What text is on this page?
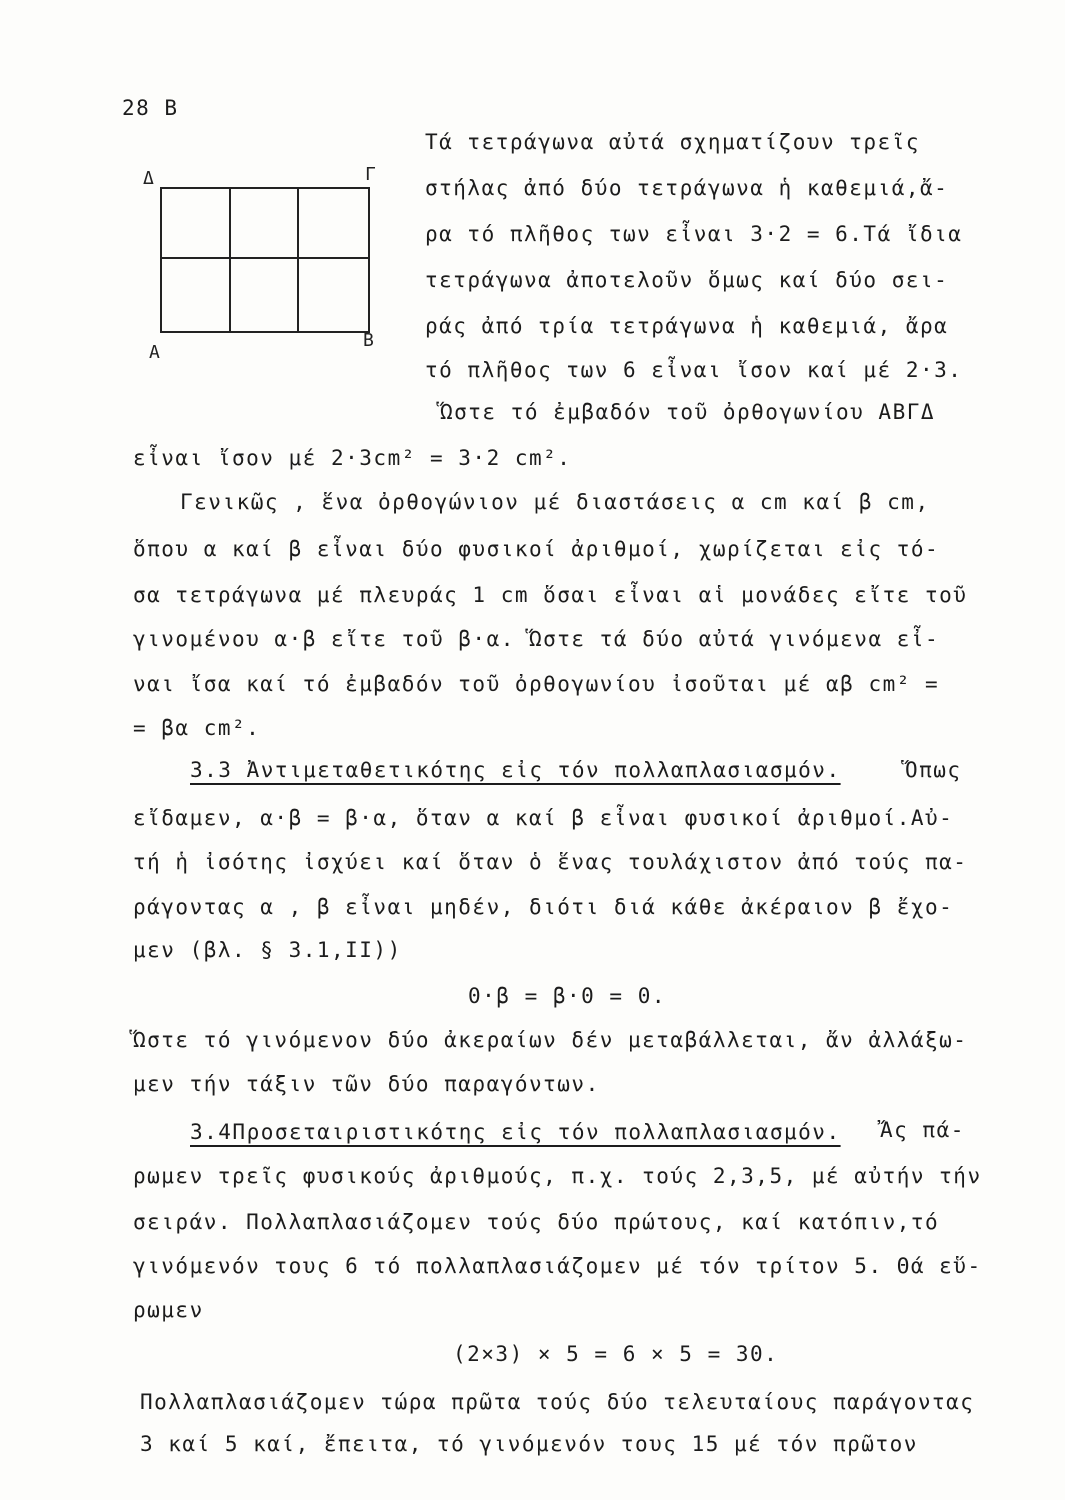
28 B
Δ	Γ
A
B
Τά τετράγωνα αὐτά σχηματίζουν τρεῖς
στήλας ἀπό δύο τετράγωνα ἡ καθεμιά,ἄ-
ρα τό πλῆθος των εἶναι 3·2 = 6.Τά ἴδια
τετράγωνα ἀποτελοῦν ὅμως καί δύο σει-
ράς ἀπό τρία τετράγωνα ἡ καθεμιά, ἄρα
τό πλῆθος των 6 εἶναι ἴσον καί μέ 2·3.
Ὥστε τό ἐμβαδόν τοῦ ὀρθογωνίου ΑΒΓΔ
εἶναι ἴσον μέ 2·3cm² = 3·2 cm².
Γενικῶς , ἕνα ὀρθογώνιον μέ διαστάσεις α cm καί β cm,
ὅπου α καί β εἶναι δύο φυσικοί ἀριθμοί, χωρίζεται εἰς τό-
σα τετράγωνα μέ πλευράς 1 cm ὅσαι εἶναι αἱ μονάδες εἴτε τοῦ
γινομένου α·β εἴτε τοῦ β·α. Ὥστε τά δύο αὐτά γινόμενα εἶ-
ναι ἴσα καί τό ἐμβαδόν τοῦ ὀρθογωνίου ἰσοῦται μέ αβ cm² =
= βα cm².
3.3 Ἀντιμεταθετικότης εἰς τόν πολλαπλασιασμόν.	Ὅπως
εἴδαμεν, α·β = β·α, ὅταν α καί β εἶναι φυσικοί ἀριθμοί.Αὐ-
τή ἡ ἰσότης ἰσχύει καί ὅταν ὁ ἕνας τουλάχιστον ἀπό τούς πα-
ράγοντας α , β εἶναι μηδέν, διότι διά κάθε ἀκέραιον β ἔχο-
μεν (βλ. § 3.1,II))
0·β = β·0 = 0.
Ὥστε τό γινόμενον δύο ἀκεραίων δέν μεταβάλλεται, ἄν ἀλλάξω-
μεν τήν τάξιν τῶν δύο παραγόντων.
3.4Προσεταιριστικότης εἰς τόν πολλαπλασιασμόν. Ἄς πά-
ρωμεν τρεῖς φυσικούς ἀριθμούς, π.χ. τούς 2,3,5, μέ αὐτήν τήν
σειράν. Πολλαπλασιάζομεν τούς δύο πρώτους, καί κατόπιν,τό
γινόμενόν τους 6 τό πολλαπλασιάζομεν μέ τόν τρίτον 5. Θά εὕ-
ρωμεν
(2×3) × 5 = 6 × 5 = 30.
Πολλαπλασιάζομεν τώρα πρῶτα τούς δύο τελευταίους παράγοντας
3 καί 5 καί, ἔπειτα, τό γινόμενόν τους 15 μέ τόν πρῶτον
